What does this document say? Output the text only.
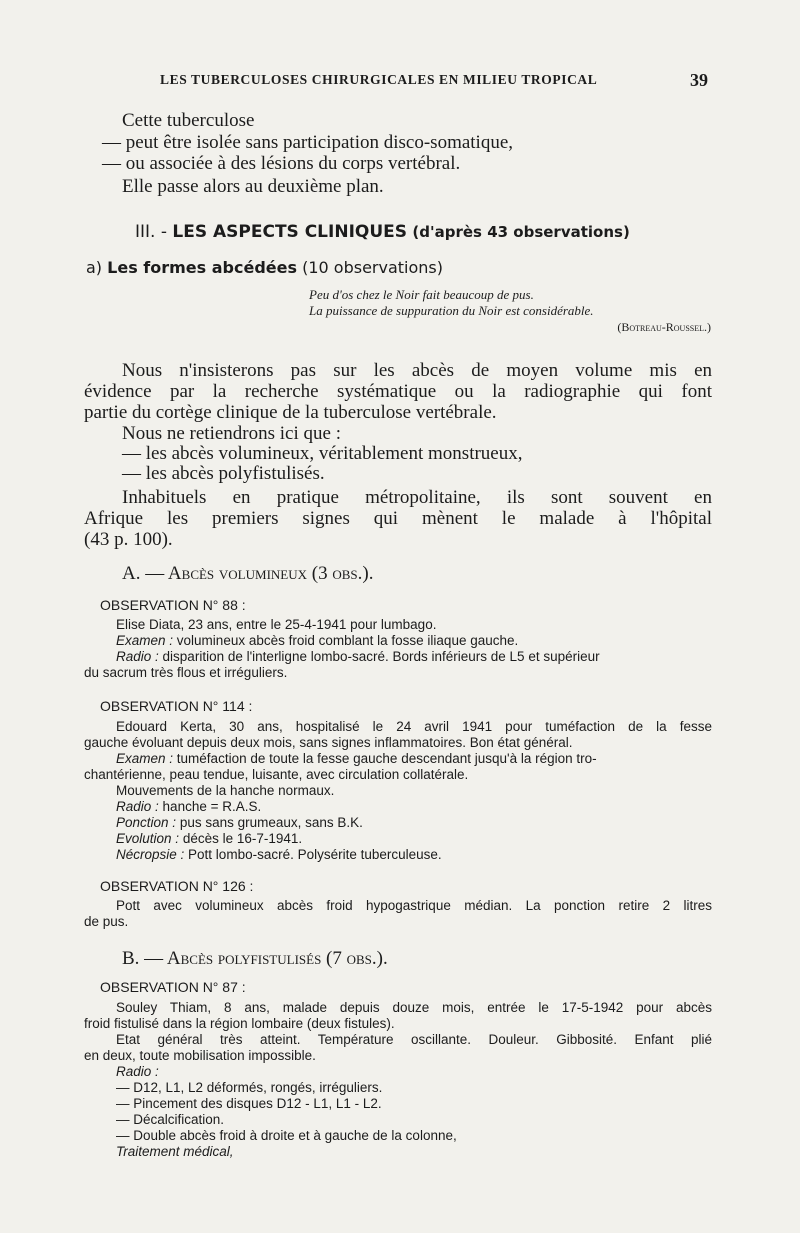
LES TUBERCULOSES CHIRURGICALES EN MILIEU TROPICAL	39
Cette tuberculose
— peut être isolée sans participation disco-somatique,
— ou associée à des lésions du corps vertébral.
Elle passe alors au deuxième plan.
III. - LES ASPECTS CLINIQUES (d'après 43 observations)
a) Les formes abcédées (10 observations)
Peu d'os chez le Noir fait beaucoup de pus.
La puissance de suppuration du Noir est considérable.
(Botreau-Roussel.)
Nous n'insisterons pas sur les abcès de moyen volume mis en
évidence par la recherche systématique ou la radiographie qui font
partie du cortège clinique de la tuberculose vertébrale.
Nous ne retiendrons ici que :
— les abcès volumineux, véritablement monstrueux,
— les abcès polyfistulisés.
Inhabituels en pratique métropolitaine, ils sont souvent en
Afrique les premiers signes qui mènent le malade à l'hôpital
(43 p. 100).
A. — Abcès volumineux (3 obs.).
OBSERVATION N° 88 :
Elise Diata, 23 ans, entre le 25-4-1941 pour lumbago.
Examen : volumineux abcès froid comblant la fosse iliaque gauche.
Radio : disparition de l'interligne lombo-sacré. Bords inférieurs de L5 et supérieur
du sacrum très flous et irréguliers.
OBSERVATION N° 114 :
Edouard Kerta, 30 ans, hospitalisé le 24 avril 1941 pour tuméfaction de la fesse
gauche évoluant depuis deux mois, sans signes inflammatoires. Bon état général.
Examen : tuméfaction de toute la fesse gauche descendant jusqu'à la région tro-
chantérienne, peau tendue, luisante, avec circulation collatérale.
Mouvements de la hanche normaux.
Radio : hanche = R.A.S.
Ponction : pus sans grumeaux, sans B.K.
Evolution : décès le 16-7-1941.
Nécropsie : Pott lombo-sacré. Polysérite tuberculeuse.
OBSERVATION N° 126 :
Pott avec volumineux abcès froid hypogastrique médian. La ponction retire 2 litres
de pus.
B. — Abcès polyfistulisés (7 obs.).
OBSERVATION N° 87 :
Souley Thiam, 8 ans, malade depuis douze mois, entrée le 17-5-1942 pour abcès
froid fistulisé dans la région lombaire (deux fistules).
Etat général très atteint. Température oscillante. Douleur. Gibbosité. Enfant plié
en deux, toute mobilisation impossible.
Radio :
— D12, L1, L2 déformés, rongés, irréguliers.
— Pincement des disques D12 - L1, L1 - L2.
— Décalcification.
— Double abcès froid à droite et à gauche de la colonne,
Traitement médical,
